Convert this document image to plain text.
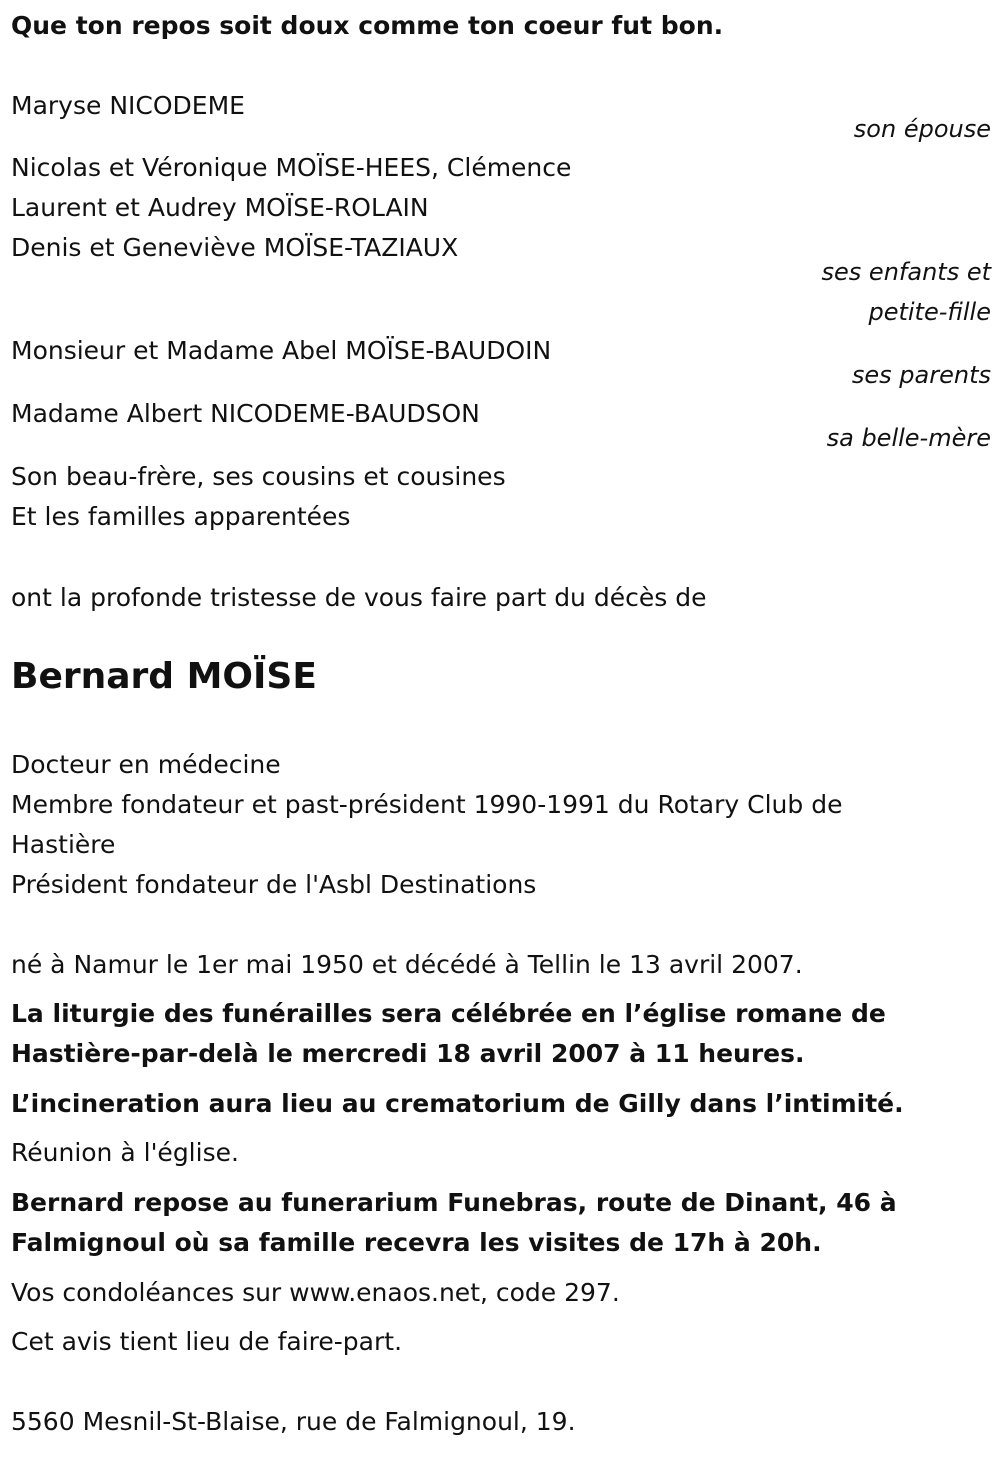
Que ton repos soit doux comme ton coeur fut bon.
Maryse NICODEME
son épouse
Nicolas et Véronique MOÏSE-HEES, Clémence
Laurent et Audrey MOÏSE-ROLAIN
Denis et Geneviève MOÏSE-TAZIAUX
ses enfants et
petite-fille
Monsieur et Madame Abel MOÏSE-BAUDOIN
ses parents
Madame Albert NICODEME-BAUDSON
sa belle-mère
Son beau-frère, ses cousins et cousines
Et les familles apparentées
ont la profonde tristesse de vous faire part du décès de
Bernard MOÏSE
Docteur en médecine
Membre fondateur et past-président 1990-1991 du Rotary Club de
Hastière
Président fondateur de l'Asbl Destinations
né à Namur le 1er mai 1950 et décédé à Tellin le 13 avril 2007.
La liturgie des funérailles sera célébrée en l’église romane de
Hastière-par-delà le mercredi 18 avril 2007 à 11 heures.
L’incineration aura lieu au crematorium de Gilly dans l’intimité.
Réunion à l'église.
Bernard repose au funerarium Funebras, route de Dinant, 46 à
Falmignoul où sa famille recevra les visites de 17h à 20h.
Vos condoléances sur www.enaos.net, code 297.
Cet avis tient lieu de faire-part.
5560 Mesnil-St-Blaise, rue de Falmignoul, 19.
